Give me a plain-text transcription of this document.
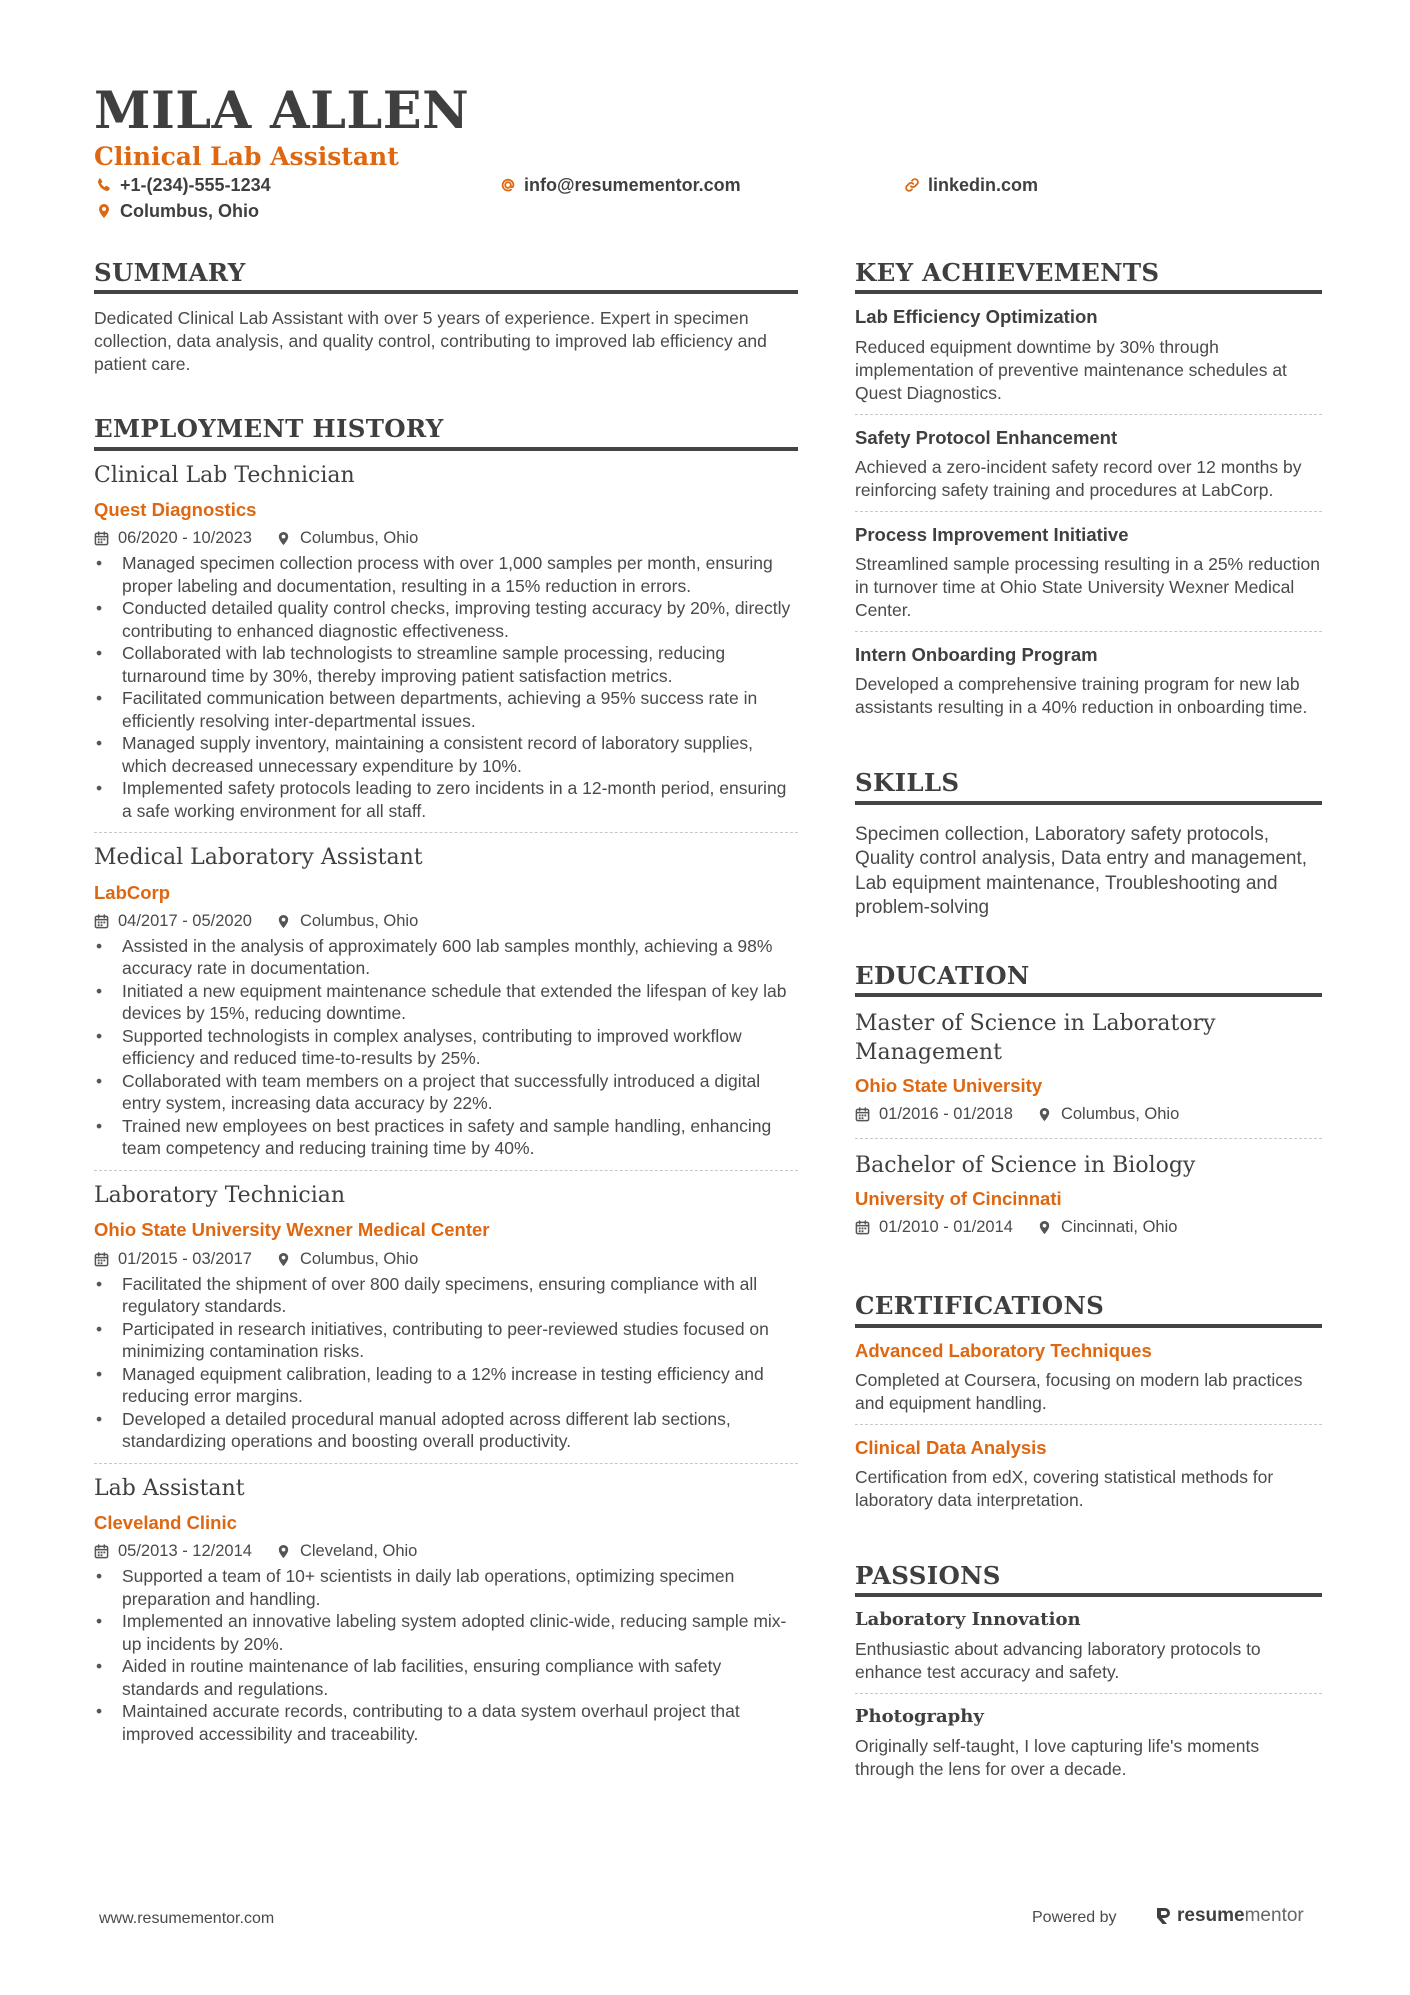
MILA ALLEN
Clinical Lab Assistant
+1-(234)-555-1234	info@resumementor.com	linkedin.com
Columbus, Ohio
SUMMARY

Dedicated Clinical Lab Assistant with over 5 years of experience. Expert in specimen collection, data analysis, and quality control, contributing to improved lab efficiency and patient care.

EMPLOYMENT HISTORY
Clinical Lab Technician
Quest Diagnostics
06/2020 - 10/2023	Columbus, Ohio
• Managed specimen collection process with over 1,000 samples per month, ensuring proper labeling and documentation, resulting in a 15% reduction in errors.
• Conducted detailed quality control checks, improving testing accuracy by 20%, directly contributing to enhanced diagnostic effectiveness.
• Collaborated with lab technologists to streamline sample processing, reducing turnaround time by 30%, thereby improving patient satisfaction metrics.
• Facilitated communication between departments, achieving a 95% success rate in efficiently resolving inter-departmental issues.
• Managed supply inventory, maintaining a consistent record of laboratory supplies, which decreased unnecessary expenditure by 10%.
• Implemented safety protocols leading to zero incidents in a 12-month period, ensuring a safe working environment for all staff.
Medical Laboratory Assistant
LabCorp
04/2017 - 05/2020	Columbus, Ohio
• Assisted in the analysis of approximately 600 lab samples monthly, achieving a 98% accuracy rate in documentation.
• Initiated a new equipment maintenance schedule that extended the lifespan of key lab devices by 15%, reducing downtime.
• Supported technologists in complex analyses, contributing to improved workflow efficiency and reduced time-to-results by 25%.
• Collaborated with team members on a project that successfully introduced a digital entry system, increasing data accuracy by 22%.
• Trained new employees on best practices in safety and sample handling, enhancing team competency and reducing training time by 40%.
Laboratory Technician
Ohio State University Wexner Medical Center
01/2015 - 03/2017	Columbus, Ohio
• Facilitated the shipment of over 800 daily specimens, ensuring compliance with all regulatory standards.
• Participated in research initiatives, contributing to peer-reviewed studies focused on minimizing contamination risks.
• Managed equipment calibration, leading to a 12% increase in testing efficiency and reducing error margins.
• Developed a detailed procedural manual adopted across different lab sections, standardizing operations and boosting overall productivity.
Lab Assistant
Cleveland Clinic
05/2013 - 12/2014	Cleveland, Ohio
• Supported a team of 10+ scientists in daily lab operations, optimizing specimen preparation and handling.
• Implemented an innovative labeling system adopted clinic-wide, reducing sample mix-up incidents by 20%.
• Aided in routine maintenance of lab facilities, ensuring compliance with safety standards and regulations.
• Maintained accurate records, contributing to a data system overhaul project that improved accessibility and traceability.
KEY ACHIEVEMENTS
Lab Efficiency Optimization
Reduced equipment downtime by 30% through implementation of preventive maintenance schedules at Quest Diagnostics.
Safety Protocol Enhancement
Achieved a zero-incident safety record over 12 months by reinforcing safety training and procedures at LabCorp.
Process Improvement Initiative
Streamlined sample processing resulting in a 25% reduction in turnover time at Ohio State University Wexner Medical Center.
Intern Onboarding Program
Developed a comprehensive training program for new lab assistants resulting in a 40% reduction in onboarding time.
SKILLS

Specimen collection, Laboratory safety protocols, Quality control analysis, Data entry and management, Lab equipment maintenance, Troubleshooting and problem-solving

EDUCATION
Master of Science in Laboratory Management
Ohio State University
01/2016 - 01/2018	Columbus, Ohio
Bachelor of Science in Biology
University of Cincinnati
01/2010 - 01/2014	Cincinnati, Ohio
CERTIFICATIONS
Advanced Laboratory Techniques
Completed at Coursera, focusing on modern lab practices and equipment handling.
Clinical Data Analysis
Certification from edX, covering statistical methods for laboratory data interpretation.
PASSIONS
Laboratory Innovation
Enthusiastic about advancing laboratory protocols to enhance test accuracy and safety.
Photography
Originally self-taught, I love capturing life's moments through the lens for over a decade.
www.resumementor.com	Powered by	resume mentor
